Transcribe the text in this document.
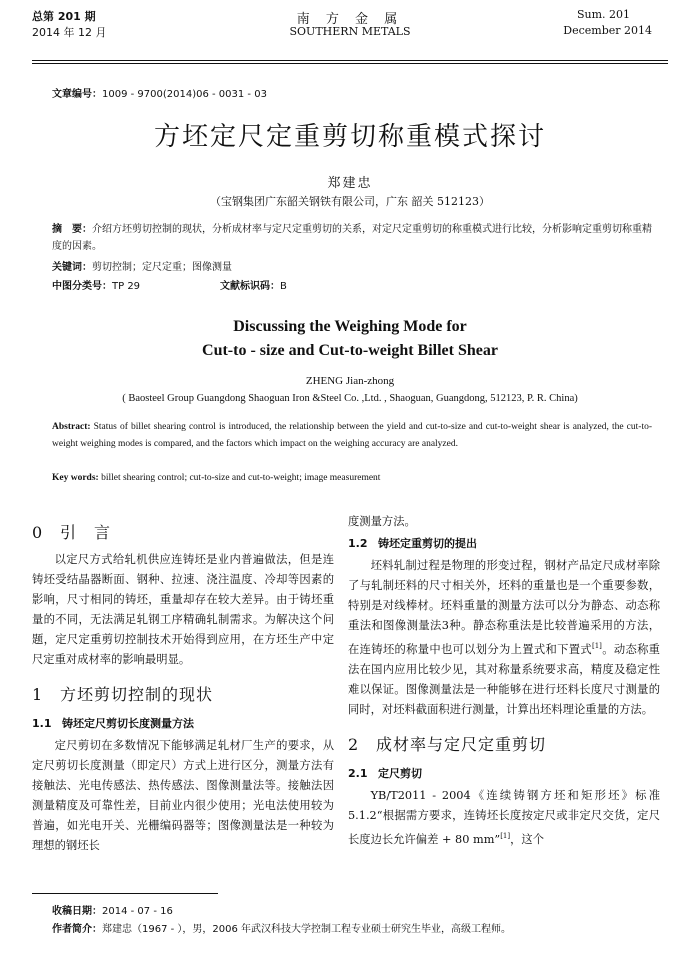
总第 201 期
2014 年 12 月
南 方 金 属
SOUTHERN METALS
Sum. 201
December 2014
文章编号：1009 - 9700(2014)06 - 0031 - 03
方坯定尺定重剪切称重模式探讨
郑建忠
（宝钢集团广东韶关钢铁有限公司，广东 韶关 512123）
摘　要：介绍方坯剪切控制的现状，分析成材率与定尺定重剪切的关系，对定尺定重剪切的称重模式进行比较，分析影响定重剪切称重精度的因素。
关键词：剪切控制；定尺定重；图像测量
中图分类号：TP 29	文献标识码：B
Discussing the Weighing Mode for
Cut-to - size and Cut-to-weight Billet Shear
ZHENG Jian-zhong
( Baosteel Group Guangdong Shaoguan Iron &Steel Co. ,Ltd. , Shaoguan, Guangdong, 512123, P. R. China)
Abstract: Status of billet shearing control is introduced, the relationship between the yield and cut-to-size and cut-to-weight shear is analyzed, the cut-to-weight weighing modes is compared, and the factors which impact on the weighing accuracy are analyzed.
Key words: billet shearing control; cut-to-size and cut-to-weight; image measurement
0 引　言

以定尺方式给轧机供应连铸坯是业内普遍做法，但是连铸坯受结晶器断面、钢种、拉速、浇注温度、冷却等因素的影响，尺寸相同的铸坯，重量却存在较大差异。由于铸坯重量的不同，无法满足轧钢工序精确轧制需求。为解决这个问题，定尺定重剪切控制技术开始得到应用，在方坯生产中定尺定重对成材率的影响最明显。

1 方坯剪切控制的现状
1.1 铸坯定尺剪切长度测量方法

定尺剪切在多数情况下能够满足轧材厂生产的要求，从定尺剪切长度测量（即定尺）方式上进行区分，测量方法有接触法、光电传感法、热传感法、图像测量法等。接触法因测量精度及可靠性差，目前业内很少使用；光电法使用较为普遍，如光电开关、光栅编码器等；图像测量法是一种较为理想的钢坯长

度测量方法。

1.2 铸坯定重剪切的提出

坯料轧制过程是物理的形变过程，钢材产品定尺成材率除了与轧制坯料的尺寸相关外，坯料的重量也是一个重要参数，特别是对线棒材。坯料重量的测量方法可以分为静态、动态称重法和图像测量法3种。静态称重法是比较普遍采用的方法，在连铸坯的称量中也可以划分为上置式和下置式[1]。动态称重法在国内应用比较少见，其对称量系统要求高，精度及稳定性难以保证。图像测量法是一种能够在进行坯料长度尺寸测量的同时，对坯料截面积进行测量，计算出坯料理论重量的方法。

2 成材率与定尺定重剪切
2.1 定尺剪切

YB/T2011 - 2004《连续铸钢方坯和矩形坯》标准5.1.2“根据需方要求，连铸坯长度按定尺或非定尺交货，定尺长度边长允许偏差 + 80 mm”[1]，这个

收稿日期：2014 - 07 - 16
作者简介：郑建忠（1967 - ），男，2006 年武汉科技大学控制工程专业硕士研究生毕业，高级工程师。
